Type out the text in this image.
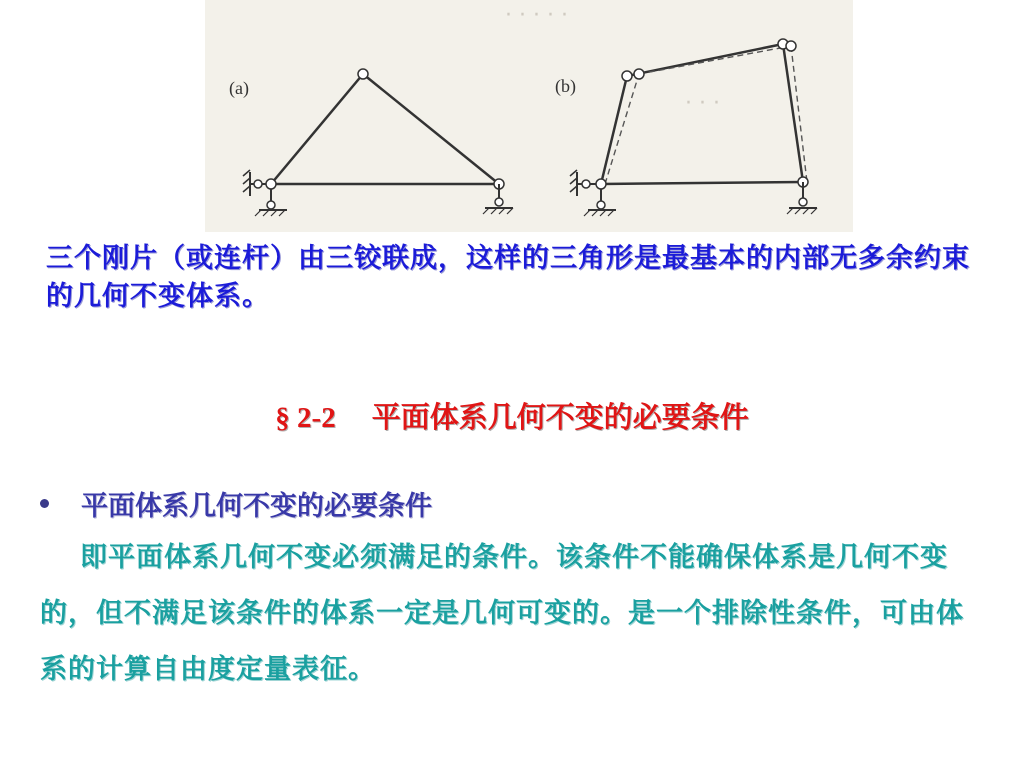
· · · · ·
· · ·
(a)	(b)
三个刚片（或连杆）由三铰联成，这样的三角形是最基本的内部无多余约束的几何不变体系。
§ 2-2 平面体系几何不变的必要条件
平面体系几何不变的必要条件
即平面体系几何不变必须满足的条件。该条件不能确保体系是几何不变的，但不满足该条件的体系一定是几何可变的。是一个排除性条件，可由体系的计算自由度定量表征。
